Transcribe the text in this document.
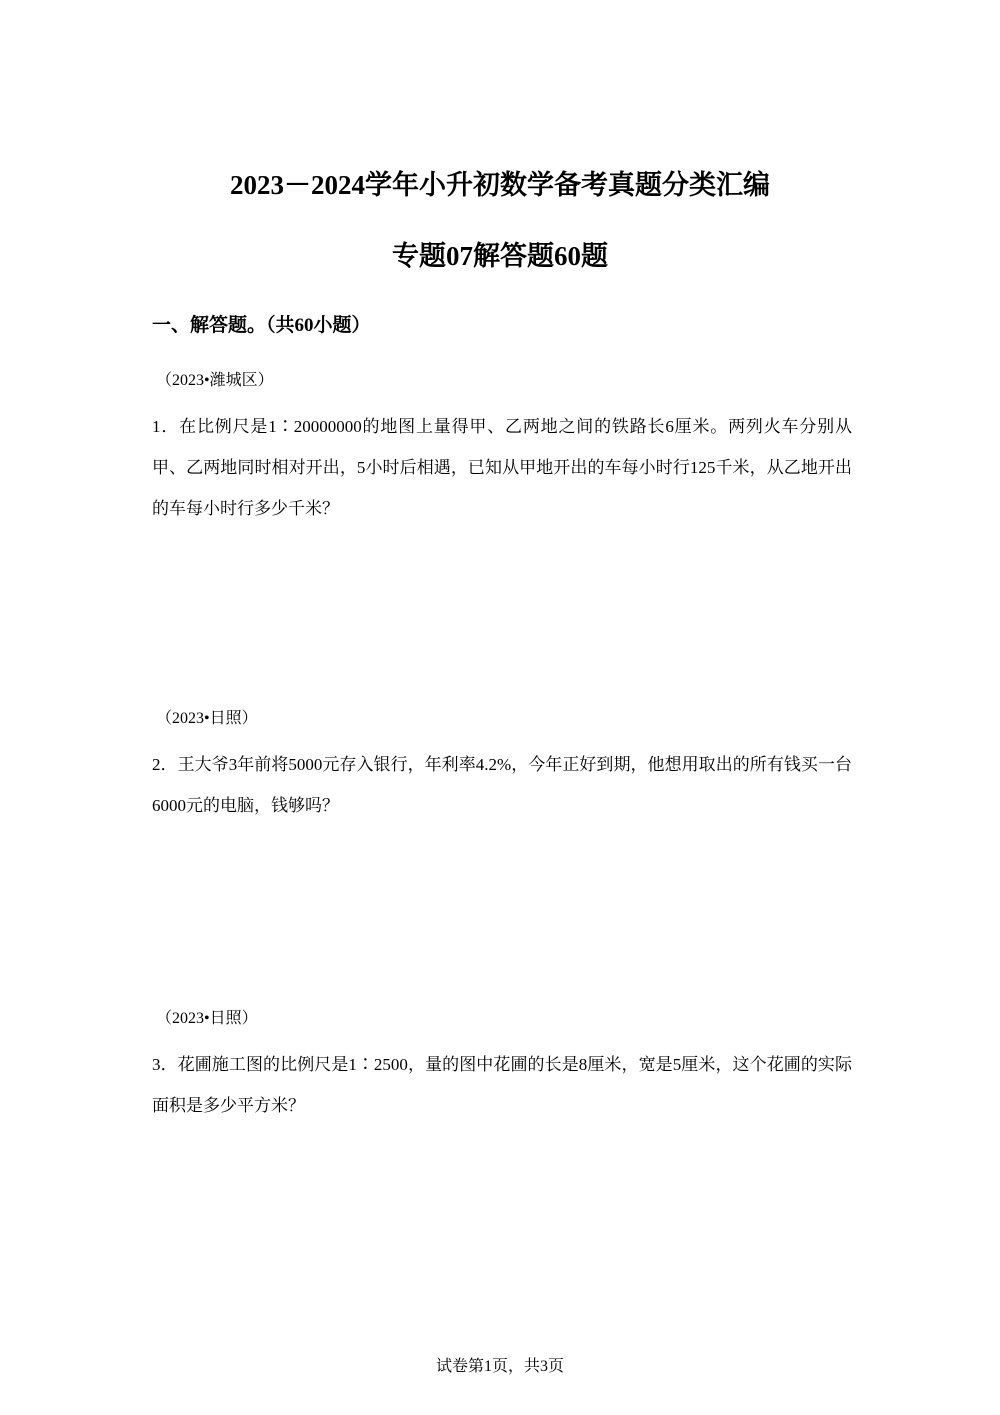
2023－2024学年小升初数学备考真题分类汇编
专题07解答题60题
一、解答题。（共60小题）
（2023•潍城区）
1．在比例尺是1∶20000000的地图上量得甲、乙两地之间的铁路长6厘米。两列火车分别从甲、乙两地同时相对开出，5小时后相遇，已知从甲地开出的车每小时行125千米，从乙地开出的车每小时行多少千米？
（2023•日照）
2．王大爷3年前将5000元存入银行，年利率4.2%，今年正好到期，他想用取出的所有钱买一台6000元的电脑，钱够吗？
（2023•日照）
3．花圃施工图的比例尺是1∶2500，量的图中花圃的长是8厘米，宽是5厘米，这个花圃的实际面积是多少平方米？
试卷第1页，共3页
